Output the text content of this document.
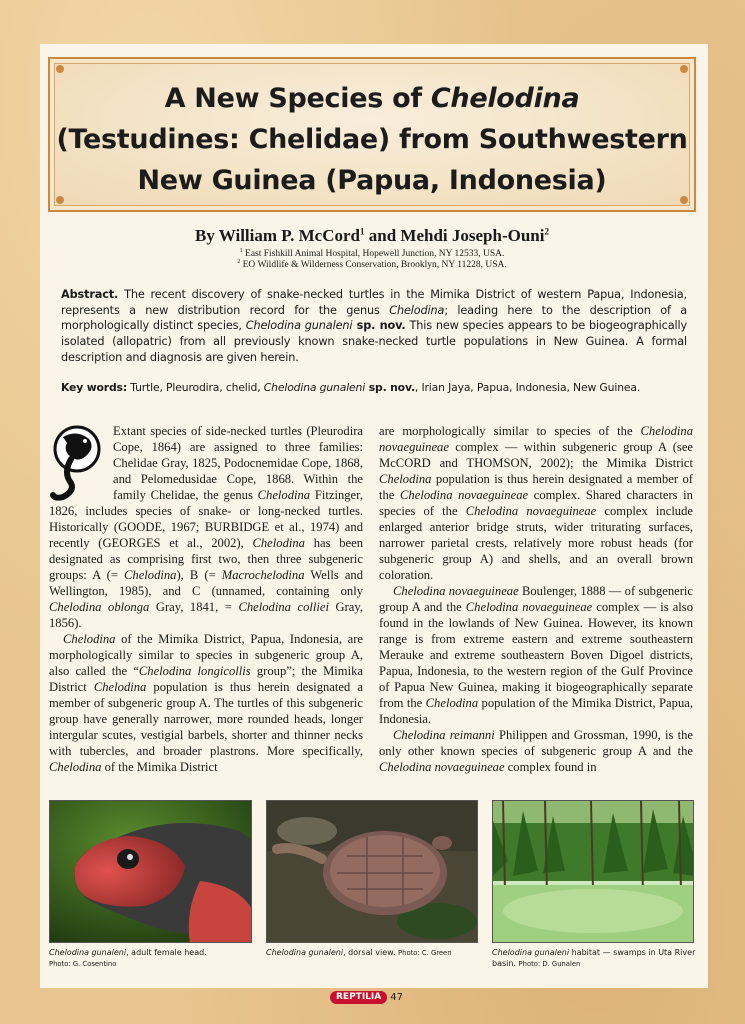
A New Species of Chelodina
(Testudines: Chelidae) from Southwestern
New Guinea (Papua, Indonesia)
By William P. McCord$^1$ and Mehdi Joseph-Ouni$^2$
$^1$ East Fishkill Animal Hospital, Hopewell Junction, NY 12533, USA.
$^2$ EO Wildlife & Wilderness Conservation, Brooklyn, NY 11228, USA.
Abstract. The recent discovery of snake-necked turtles in the Mimika District of western Papua, Indonesia, represents a new distribution record for the genus Chelodina; leading here to the description of a morphologically distinct species, Chelodina gunaleni sp. nov. This new species appears to be biogeographically isolated (allopatric) from all previously known snake-necked turtle populations in New Guinea. A formal description and diagnosis are given herein.
Key words: Turtle, Pleurodira, chelid, Chelodina gunaleni sp. nov., Irian Jaya, Papua, Indonesia, New Guinea.

Extant species of side-necked turtles (Pleurodira Cope, 1864) are assigned to three families: Chelidae Gray, 1825, Podocnemidae Cope, 1868, and Pelomedusidae Cope, 1868. Within the family Chelidae, the genus Chelodina Fitzinger, 1826, includes species of snake- or long-necked turtles. Historically (GOODE, 1967; BURBIDGE et al., 1974) and recently (GEORGES et al., 2002), Chelodina has been designated as comprising first two, then three subgeneric groups: A (= Chelodina), B (= Macrochelodina Wells and Wellington, 1985), and C (unnamed, containing only Chelodina oblonga Gray, 1841, = Chelodina colliei Gray, 1856).

Chelodina of the Mimika District, Papua, Indonesia, are morphologically similar to species in subgeneric group A, also called the “Chelodina longicollis group”; the Mimika District Chelodina population is thus herein designated a member of subgeneric group A. The turtles of this subgeneric group have generally narrower, more rounded heads, longer intergular scutes, vestigial barbels, shorter and thinner necks with tubercles, and broader plastrons. More specifically, Chelodina of the Mimika District

are morphologically similar to species of the Chelodina novaeguineae complex — within subgeneric group A (see McCORD and THOMSON, 2002); the Mimika District Chelodina population is thus herein designated a member of the Chelodina novaeguineae complex. Shared characters in species of the Chelodina novaeguineae complex include enlarged anterior bridge struts, wider triturating surfaces, narrower parietal crests, relatively more robust heads (for subgeneric group A) and shells, and an overall brown coloration.

Chelodina novaeguineae Boulenger, 1888 — of subgeneric group A and the Chelodina novaeguineae complex — is also found in the lowlands of New Guinea. However, its known range is from extreme eastern and extreme southeastern Merauke and extreme southeastern Boven Digoel districts, Papua, Indonesia, to the western region of the Gulf Province of Papua New Guinea, making it biogeographically separate from the Chelodina population of the Mimika District, Papua, Indonesia.

Chelodina reimanni Philippen and Grossman, 1990, is the only other known species of subgeneric group A and the Chelodina novaeguineae complex found in

Chelodina gunaleni, adult female head.
Photo: G. Cosentino
Chelodina gunaleni, dorsal view. Photo: C. Green	Chelodina gunaleni habitat — swamps in Uta River basin. Photo: D. Gunalen
REPTILIA 47
